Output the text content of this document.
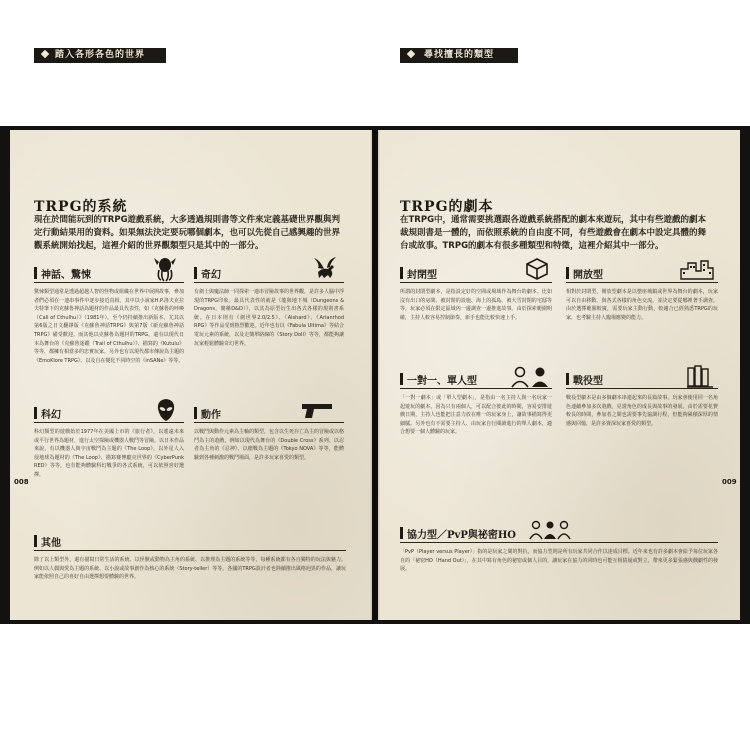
踏入各形各色的世界
TRPG的系統
現在於間能玩到的TRPG遊戲系統，大多透過規則書等文件來定義基礎世界觀與判定行動結果用的資料。如果無法決定要玩哪個劇本，也可以先從自己感興趣的世界觀系統開始找起，這裡介紹的世界觀類型只是其中的一部分。
神話、驚悚
驚悚類型通常是透過超越人智的怪物或組織在世界中展開故事，參加者們必須在一連串事件中逐步接近真相。其中以小說家H.P.洛夫克拉夫特筆下的克蘇魯神話為題材的作品最具代表性，如《克蘇魯的呼喚（Call of Cthulhu）》（1981年）。至今仍持續推出新版本，尤其以第6版之日文翻譯版《克蘇魯神話TRPG》與第7版《新克蘇魯神話TRPG》備受歡迎。而其他以克蘇魯為題材的TRPG，還有以現代日本為舞台的《克蘇魯迷蹤（Trail of Cthulhu）》、描寫的《Kutulu》等等，都擁有相當多的忠實玩家。另外也有以現代都市傳說為主題的《EmoKlore TRPG》、以及自在變化不同時空的《inSANe》等等。
奇幻
有劍士與魔法師一同探索一連串冒險故事的世界觀，是許多人腦中浮現的TRPG印象。最具代表性的就是《龍與地下城（Dungeons & Dragons，簡稱D&D）》，以其為原型衍生出各式各樣的規則書系統。在日本則有《劍世界2.0/2.5》、《Alshard》、《Arianrhod RPG》等作品受到熱烈歡迎。近年也有以《Fabula Ultima》等結合電玩元素的系統，以及走簡單路線的《Story Doll》等等，都能夠讓玩家輕鬆體驗奇幻世界。
科幻
科幻類型的遊戲始於1977年在美國上市的《旅行者》，以遙遠未來或平行世界為題材，進行太空探險或機器人戰鬥等冒險。以日本作品來說，有以機器人與宇宙戰鬥為主題的《The Loop》，以外星人入侵地球為題材的《The Loop》、描寫賽博龐克世界的《CyberPunk RED》等等，也有能夠體驗科幻戰爭的各式系統，可以依照喜好選擇。
動作
以戰鬥與動作元素為主軸的類型，包含以生死存亡為主的冒險或以格鬥為主的遊戲，例如以現代為舞台的《Double Cross》系列、以忍者為主角的《忍神》、以槍戰為主題的《Tokyo NOVA》等等，能體驗到各種刺激的戰鬥場面，是許多玩家喜愛的類型。
其他
除了以上類型外，還有描寫日常生活的系統、以怪獸或動物為主角的系統、以推理為主題的系統等等，每種系統都有各自獨特的玩法與魅力。例如以人偶與愛為主題的系統、以小說或故事創作為核心的系統（Story-teller）等等。各國的TRPG設計者也陸續推出風格迥異的作品，讓玩家能依照自己的喜好自由選擇想要體驗的世界。
008
尋找擅長的類型
TRPG的劇本
在TRPG中，通常需要挑選跟各遊戲系統搭配的劇本來遊玩，其中有些遊戲的劇本裁規則書是一體的，而依照系統的自由度不同，有些遊戲會在劇本中設定具體的舞台或故事。TRPG的劇本有很多種類型和特徵，這裡介紹其中一部分。
封閉型
所謂的封閉型劇本，是指設定好的空間或場域作為舞台的劇本。比如沒有出口的房間、被封閉的設施、海上的孤島、被大雪封閉的宅邸等等，玩家必須在限定區域內一邊調查一邊推進故事。由於探索範圍明確，主持人較容易控制節奏，新手也能比較快速上手。
開放型
相對於封閉型，開放型劇本是以整座城鎮或世界為舞台的劇本，玩家可以自由移動、與各式各樣的角色交流，並決定要從哪裡著手調查。由於選擇範圍較廣，需要玩家主動行動，較適合已經熟悉TRPG的玩家，也考驗主持人臨場應變的能力。
一對一、單人型
「一對一劇本」或「單人型劇本」，是指由一名主持人與一名玩家一起遊玩的劇本。因為只有兩個人，可以配合彼此的時間，容易安排遊戲日期，主持人也能把注意力放在唯一的玩家身上，讓故事描寫得更細膩。另外也有不需要主持人、由玩家自行閱讀進行的單人劇本，適合想要一個人體驗的玩家。
戰役型
戰役型劇本是由多個劇本串連起來的長篇故事。玩家會使用同一名角色連續參加多次遊戲，見證角色的成長與故事的發展。由於需要花費較長的時間，參加者之間也需要事先協調行程，但能夠累積深厚的情感與回憶，是許多資深玩家喜愛的類型。
協力型／PvP與祕密HO
「PvP（Player versus Player）」指的是玩家之間的對抗，而協力型則是所有玩家共同合作以達成目標。近年來也有許多劇本會給予每位玩家各自的「祕密HO（Hand Out）」，在其中寫有角色的祕密或個人目的，讓玩家在協力的同時也可能互相猜疑或對立，帶來更多緊張感與戲劇性的發展。
009
